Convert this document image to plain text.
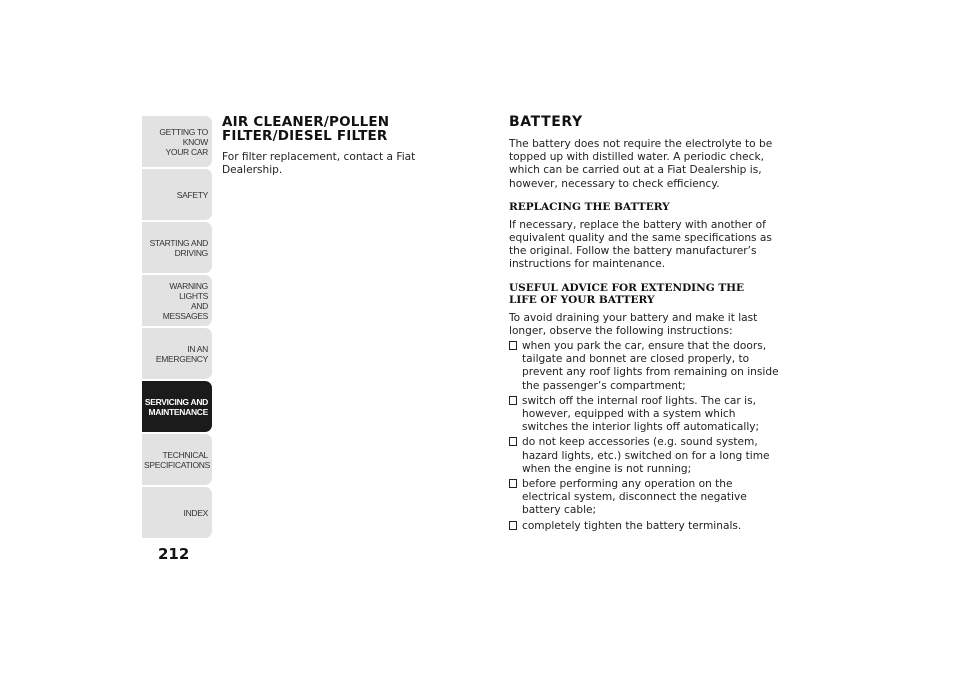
GETTING TO KNOW
YOUR CAR
SAFETY
STARTING AND
DRIVING
WARNING LIGHTS
AND MESSAGES
IN AN EMERGENCY
SERVICING AND
MAINTENANCE
TECHNICAL
SPECIFICATIONS
INDEX
212
AIR CLEANER/POLLEN
FILTER/DIESEL FILTER

For filter replacement, contact a Fiat Dealership.

BATTERY

The battery does not require the electrolyte to be topped up with distilled water. A periodic check, which can be carried out at a Fiat Dealership is, however, necessary to check efficiency.

REPLACING THE BATTERY

If necessary, replace the battery with another of equivalent quality and the same specifications as the original. Follow the battery manufacturer’s instructions for maintenance.

USEFUL ADVICE FOR EXTENDING THE
LIFE OF YOUR BATTERY

To avoid draining your battery and make it last longer, observe the following instructions:

when you park the car, ensure that the doors, tailgate and bonnet are closed properly, to prevent any roof lights from remaining on inside the passenger’s compartment;
switch off the internal roof lights. The car is, however, equipped with a system which switches the interior lights off automatically;
do not keep accessories (e.g. sound system, hazard lights, etc.) switched on for a long time when the engine is not running;
before performing any operation on the electrical system, disconnect the negative battery cable;
completely tighten the battery terminals.
